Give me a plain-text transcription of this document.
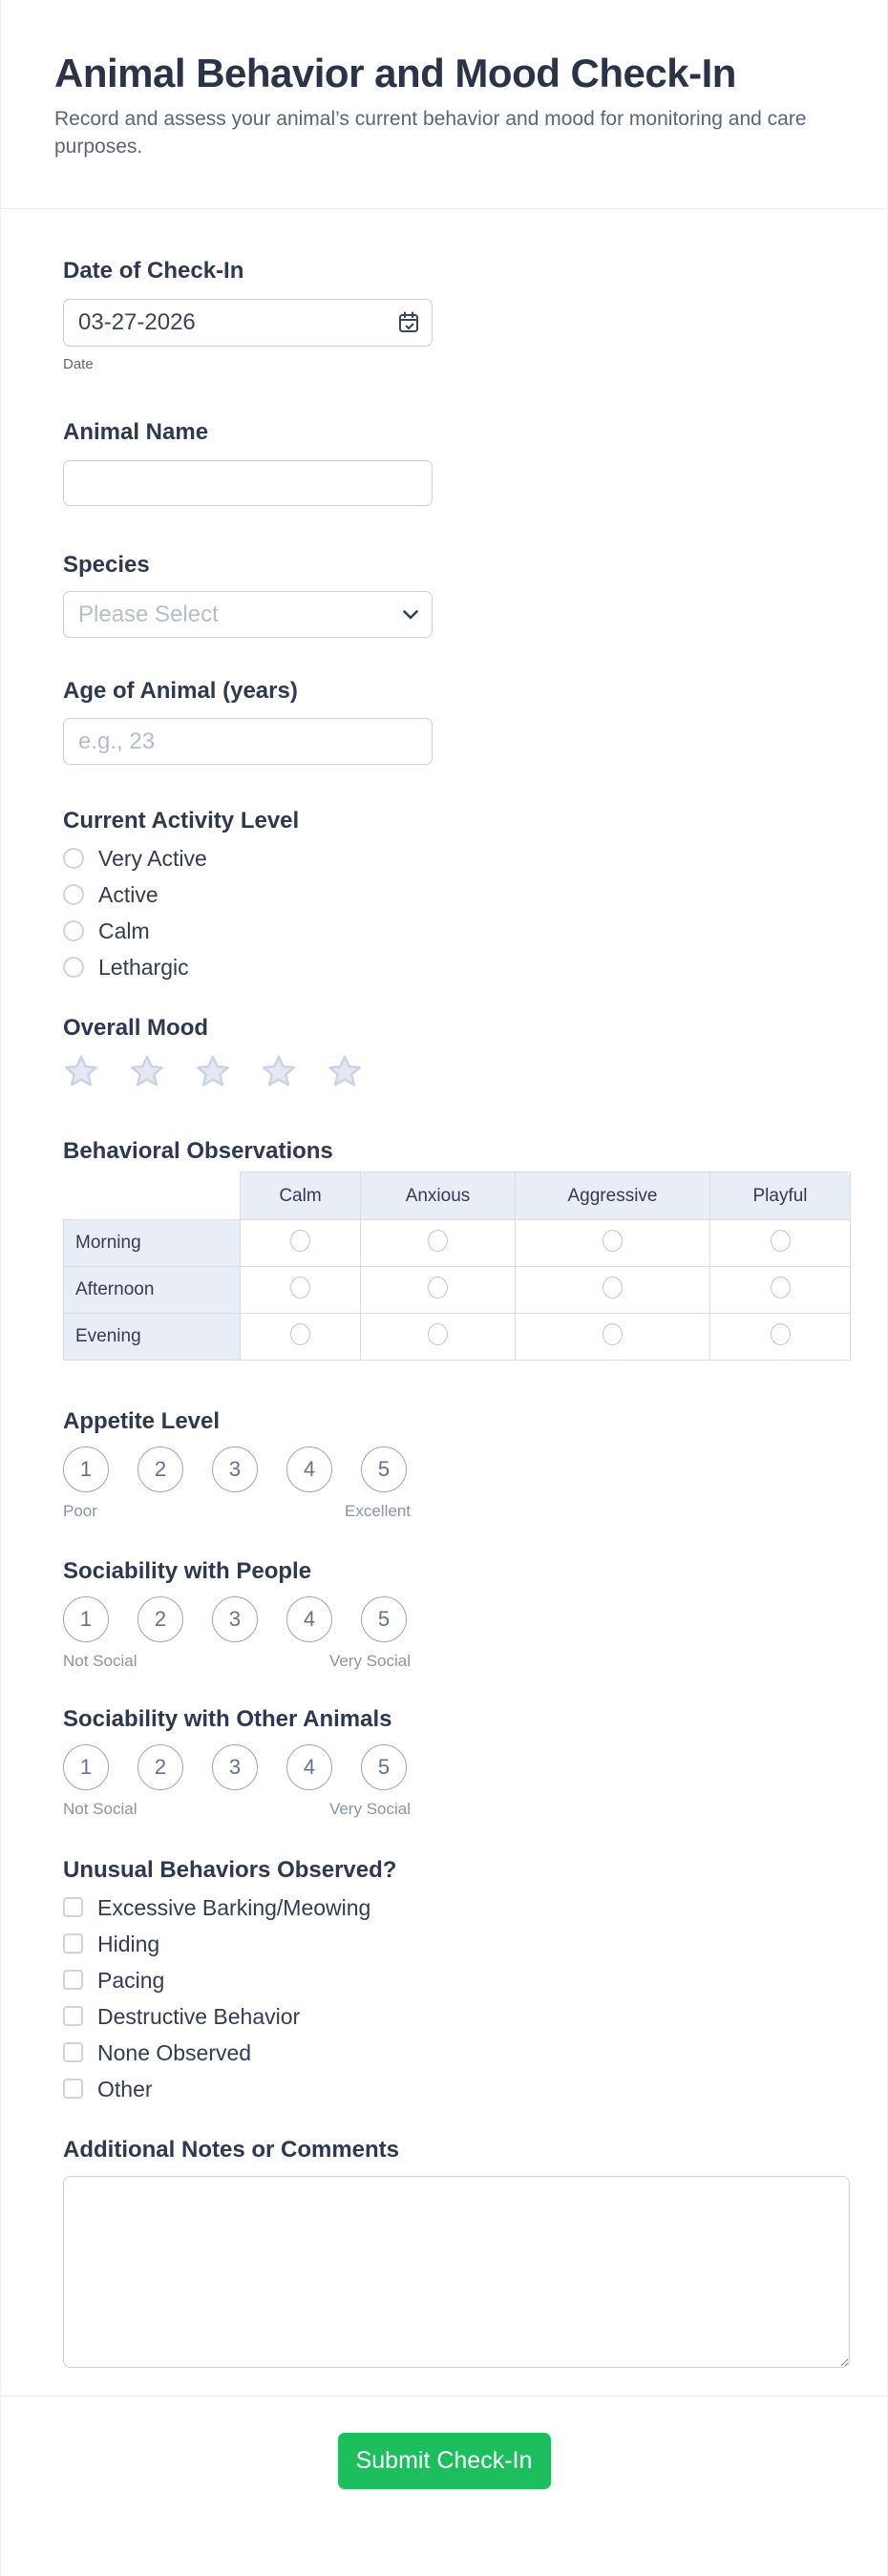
Animal Behavior and Mood Check-In

Record and assess your animal’s current behavior and mood for monitoring and care purposes.

Date of Check-In
03-27-2026
Date
Animal Name
Species
Please Select
Age of Animal (years)
e.g., 23
Current Activity Level
Very Active
Active
Calm
Lethargic
Overall Mood
Behavioral Observations
	Calm	Anxious	Aggressive	Playful
Morning				
Afternoon				
Evening				
Appetite Level
1	2	3	4	5
Poor	Excellent
Sociability with People
1	2	3	4	5
Not Social	Very Social
Sociability with Other Animals
1	2	3	4	5
Not Social	Very Social
Unusual Behaviors Observed?
Excessive Barking/Meowing
Hiding
Pacing
Destructive Behavior
None Observed
Other
Additional Notes or Comments
Submit Check-In
